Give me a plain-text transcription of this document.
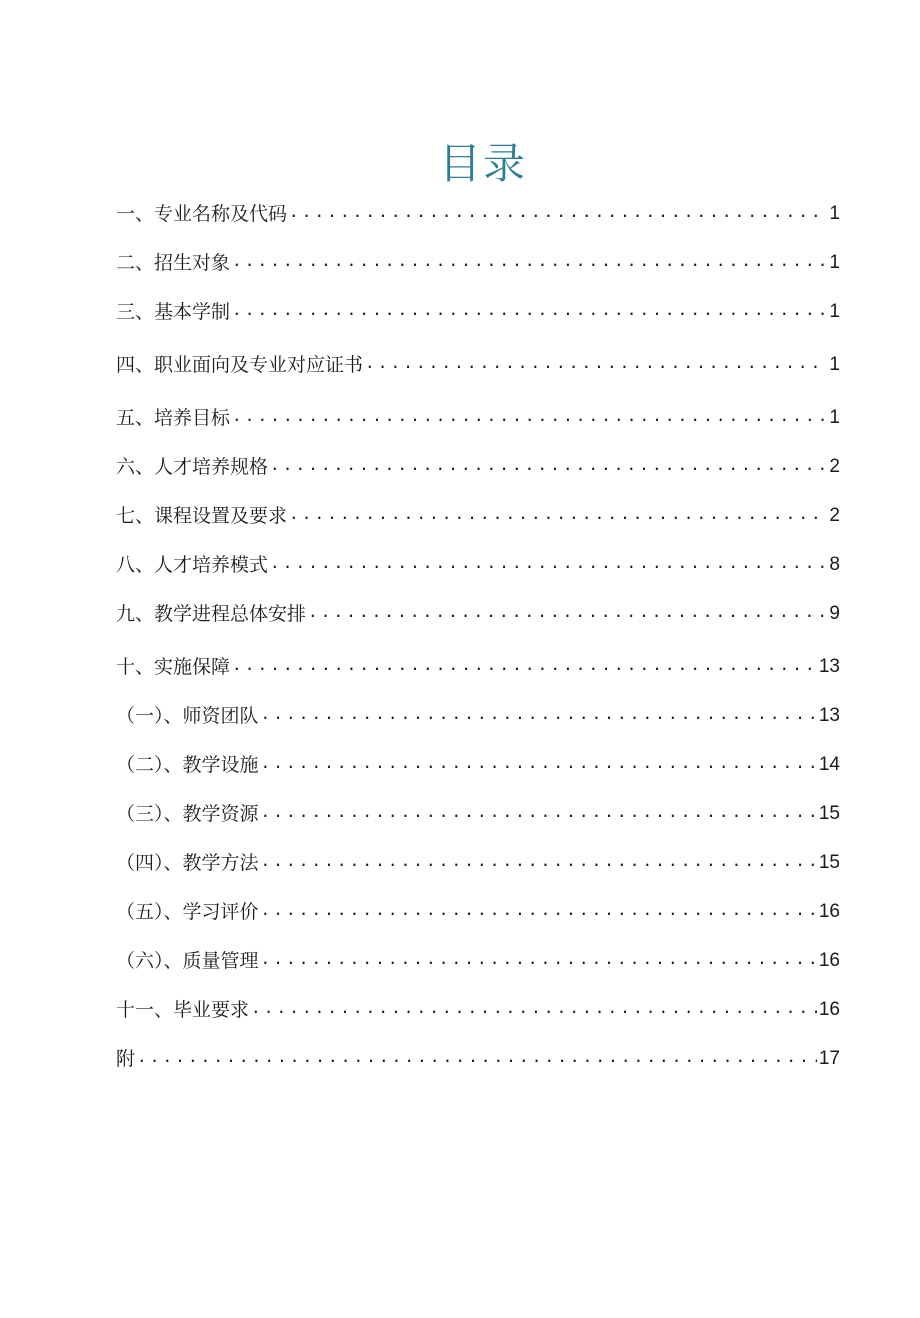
目录
一、专业名称及代码 .....	1
二、招生对象 .....	1
三、基本学制 .....	1
四、职业面向及专业对应证书 .....	1
五、培养目标 .....	1
六、人才培养规格 .....	2
七、课程设置及要求 .....	2
八、人才培养模式 .....	8
九、教学进程总体安排 .....	9
十、实施保障 .....	13
（一）、师资团队 .....	13
（二）、教学设施 .....	14
（三）、教学资源 .....	15
（四）、教学方法 .....	15
（五）、学习评价 .....	16
（六）、质量管理 .....	16
十一、毕业要求 .....	16
附 .....	17
